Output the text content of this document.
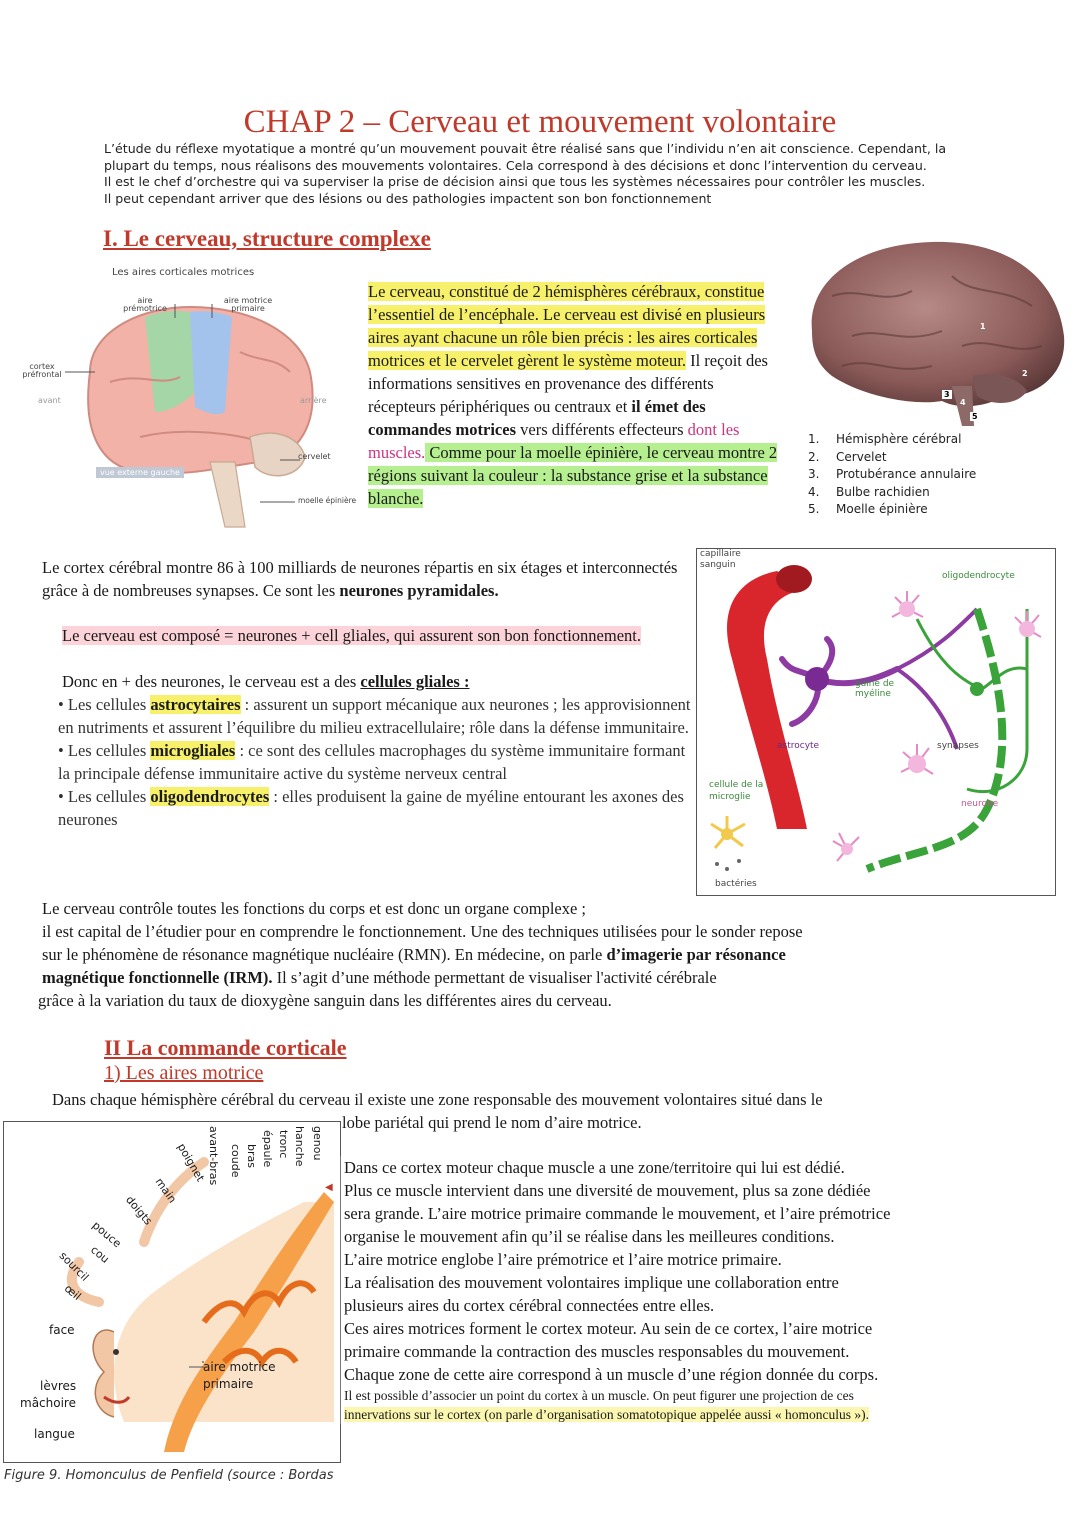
CHAP 2 – Cerveau et mouvement volontaire
L’étude du réflexe myotatique a montré qu’un mouvement pouvait être réalisé sans que l’individu n’en ait conscience. Cependant, la
plupart du temps, nous réalisons des mouvements volontaires. Cela correspond à des décisions et donc l’intervention du cerveau.
Il est le chef d’orchestre qui va superviser la prise de décision ainsi que tous les systèmes nécessaires pour contrôler les muscles.
Il peut cependant arriver que des lésions ou des pathologies impactent son bon fonctionnement
I. Le cerveau, structure complexe
Les aires corticales motrices
aire prémotrice
aire motrice primaire
cortex préfrontal
avant	arrière
cervelet
vue externe gauche
moelle épinière
Le cerveau, constitué de 2 hémisphères cérébraux, constitue l’essentiel de l’encéphale. Le cerveau est divisé en plusieurs aires ayant chacune un rôle bien précis : les aires corticales motrices et le cervelet gèrent le système moteur. Il reçoit des informations sensitives en provenance des différents récepteurs périphériques ou centraux et il émet des commandes motrices vers différents effecteurs dont les muscles. Comme pour la moelle épinière, le cerveau montre 2 régions suivant la couleur : la substance grise et la substance blanche.
1
2
3
4
5
1. Hémisphère cérébral
2. Cervelet
3. Protubérance annulaire
4. Bulbe rachidien
5. Moelle épinière
Le cortex cérébral montre 86 à 100 milliards de neurones répartis en six étages et interconnectés grâce à de nombreuses synapses. Ce sont les neurones pyramidales.
Le cerveau est composé = neurones + cell gliales, qui assurent son bon fonctionnement.
Donc en + des neurones, le cerveau est a des cellules gliales :
• Les cellules astrocytaires : assurent un support mécanique aux neurones ; les approvisionnent en nutriments et assurent l’équilibre du milieu extracellulaire; rôle dans la défense immunitaire.
• Les cellules microgliales : ce sont des cellules macrophages du système immunitaire formant la principale défense immunitaire active du système nerveux central
• Les cellules oligodendrocytes : elles produisent la gaine de myéline entourant les axones des neurones
capillaire sanguin
oligodendrocyte
gaine de myéline
astrocyte	synapses
cellule de la microglie
neurone
bactéries
Le cerveau contrôle toutes les fonctions du corps et est donc un organe complexe ;
il est capital de l’étudier pour en comprendre le fonctionnement. Une des techniques utilisées pour le sonder repose
sur le phénomène de résonance magnétique nucléaire (RMN). En médecine, on parle d’imagerie par résonance
magnétique fonctionnelle (IRM). Il s’agit d’une méthode permettant de visualiser l'activité cérébrale
grâce à la variation du taux de dioxygène sanguin dans les différentes aires du cerveau.
II La commande corticale
1) Les aires motrice
Dans chaque hémisphère cérébral du cerveau il existe une zone responsable des mouvement volontaires situé dans le
lobe pariétal qui prend le nom d’aire motrice.
genou
hanche
tronc
épaule
bras
coude
avant-bras
poignet
main
doigts
pouce
cou
sourcil
œil
face
lèvres
mâchoire
langue
aire motrice primaire
◀
Figure 9. Homonculus de Penfield (source : Bordas
Dans ce cortex moteur chaque muscle a une zone/territoire qui lui est dédié.
Plus ce muscle intervient dans une diversité de mouvement, plus sa zone dédiée
sera grande. L’aire motrice primaire commande le mouvement, et l’aire prémotrice
organise le mouvement afin qu’il se réalise dans les meilleures conditions.
L’aire motrice englobe l’aire prémotrice et l’aire motrice primaire.
La réalisation des mouvement volontaires implique une collaboration entre
plusieurs aires du cortex cérébral connectées entre elles.
Ces aires motrices forment le cortex moteur. Au sein de ce cortex, l’aire motrice
primaire commande la contraction des muscles responsables du mouvement.
Chaque zone de cette aire correspond à un muscle d’une région donnée du corps.
Il est possible d’associer un point du cortex à un muscle. On peut figurer une projection de ces
innervations sur le cortex (on parle d’organisation somatotopique appelée aussi « homonculus »).
